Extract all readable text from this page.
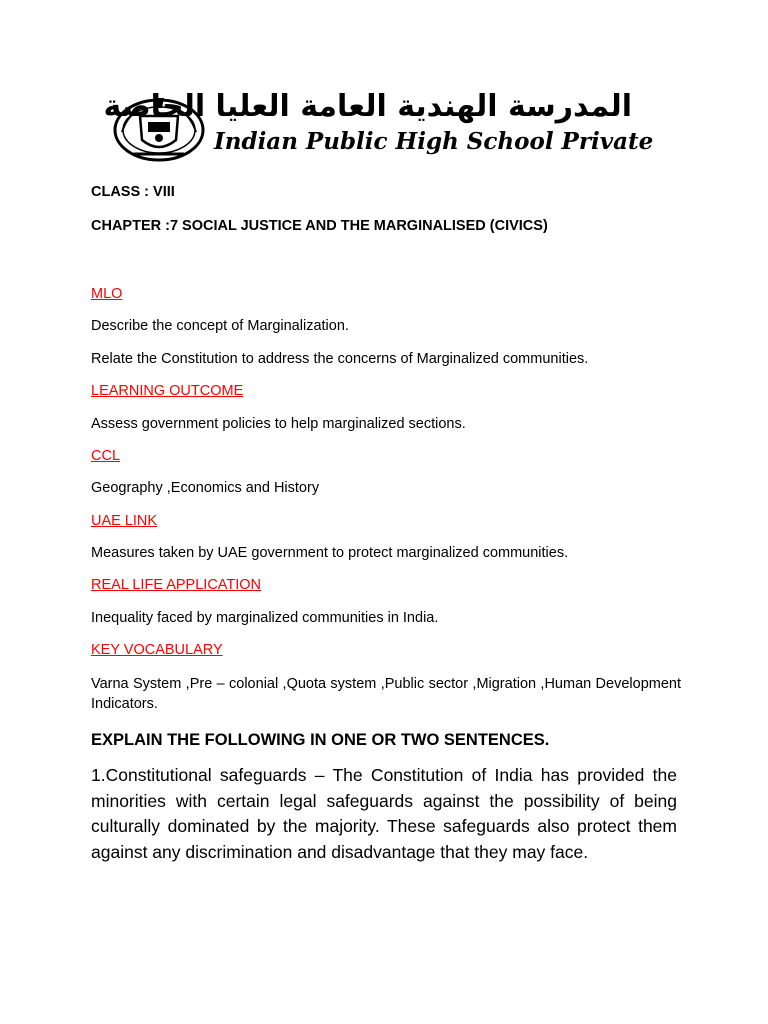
المدرسة الهندية العامة العليا الخاصة
Indian Public High School Private
CLASS : VIII
CHAPTER :7 SOCIAL JUSTICE AND THE MARGINALISED (CIVICS)
MLO
Describe the concept of Marginalization.
Relate the Constitution to address the concerns of Marginalized communities.
LEARNING OUTCOME
Assess government policies to help marginalized sections.
CCL
Geography ,Economics and History
UAE LINK
Measures taken by UAE government to protect marginalized communities.
REAL LIFE APPLICATION
Inequality faced by marginalized communities in India.
KEY VOCABULARY
Varna System ,Pre – colonial ,Quota system ,Public sector ,Migration ,Human Development Indicators.
EXPLAIN THE FOLLOWING IN ONE OR TWO SENTENCES.
1.Constitutional safeguards – The Constitution of India has provided the minorities with certain legal safeguards against the possibility of being culturally dominated by the majority. These safeguards also protect them against any discrimination and disadvantage that they may face.
